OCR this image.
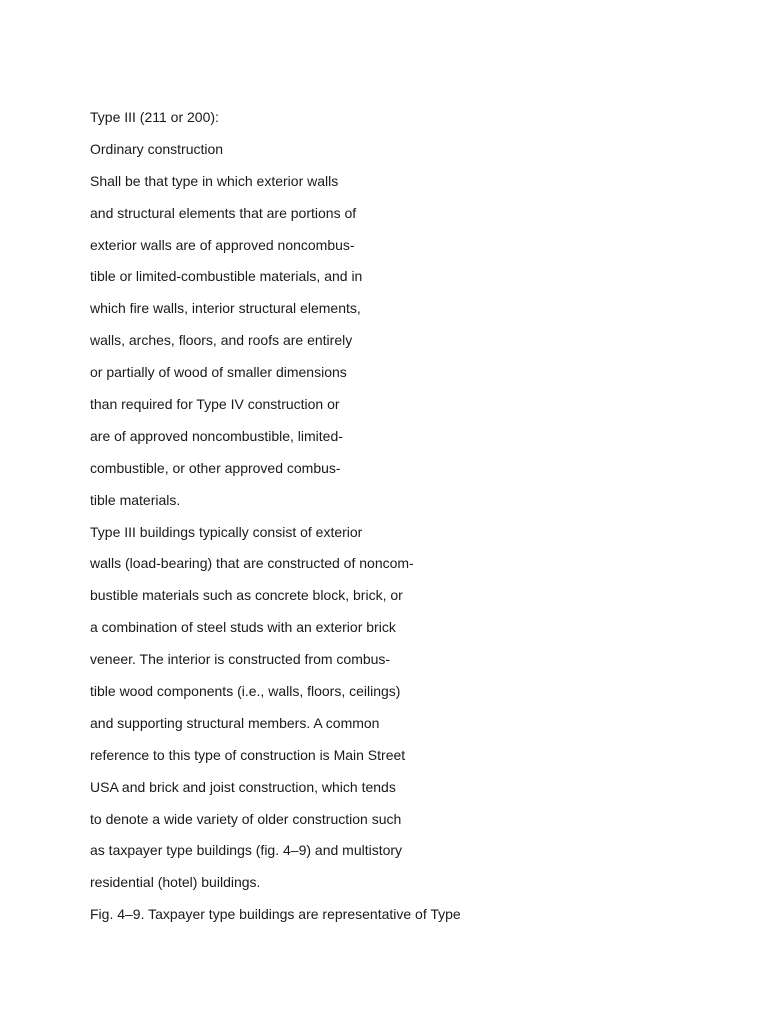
Type III (211 or 200):

Ordinary construction

Shall be that type in which exterior walls

and structural elements that are portions of

exterior walls are of approved noncombus-

tible or limited-combustible materials, and in

which fire walls, interior structural elements,

walls, arches, floors, and roofs are entirely

or partially of wood of smaller dimensions

than required for Type IV construction or

are of approved noncombustible, limited-

combustible, or other approved combus-

tible materials.

Type III buildings typically consist of exterior

walls (load-bearing) that are constructed of noncom-

bustible materials such as concrete block, brick, or

a combination of steel studs with an exterior brick

veneer. The interior is constructed from combus-

tible wood components (i.e., walls, floors, ceilings)

and supporting structural members. A common

reference to this type of construction is Main Street

USA and brick and joist construction, which tends

to denote a wide variety of older construction such

as taxpayer type buildings (fig. 4–9) and multistory

residential (hotel) buildings.

Fig. 4–9. Taxpayer type buildings are representative of Type
